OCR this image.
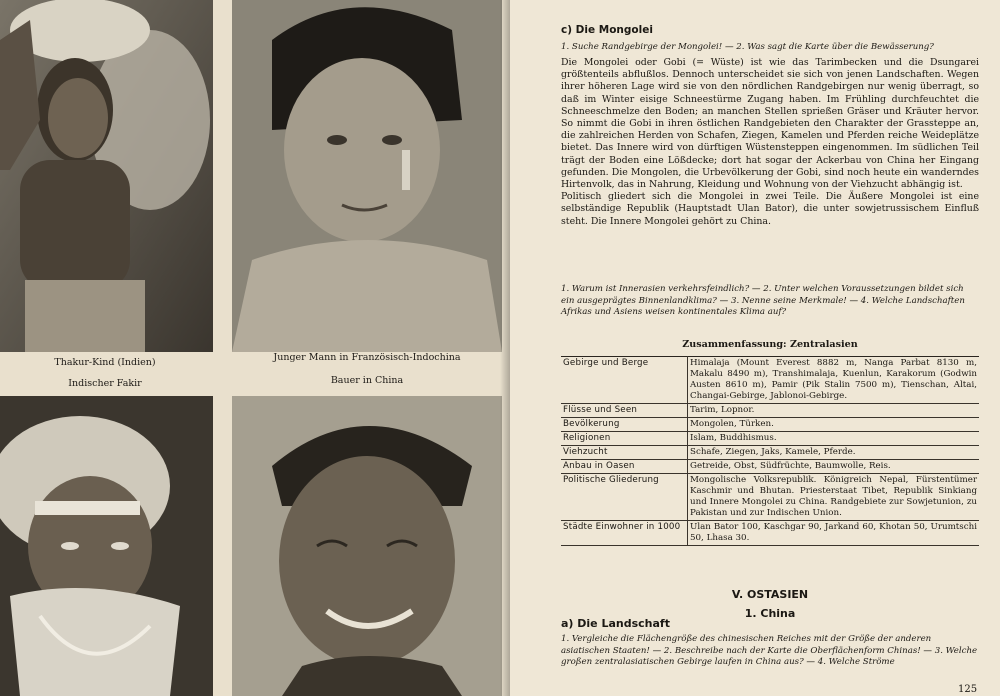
Thakur-Kind (Indien)	Junger Mann in Französisch-Indochina
Indischer Fakir	Bauer in China
c) Die Mongolei
1. Suche Randgebirge der Mongolei! — 2. Was sagt die Karte über die Bewässerung?

Die Mongolei oder Gobi (= Wüste) ist wie das Tarimbecken und die Dsungarei größtenteils abflußlos. Dennoch unterscheidet sie sich von jenen Landschaften. Wegen ihrer höheren Lage wird sie von den nördlichen Randgebirgen nur wenig überragt, so daß im Winter eisige Schneestürme Zugang haben. Im Frühling durchfeuchtet die Schneeschmelze den Boden; an manchen Stellen sprießen Gräser und Kräuter hervor. So nimmt die Gobi in ihren östlichen Randgebieten den Charakter der Grassteppe an, die zahlreichen Herden von Schafen, Ziegen, Kamelen und Pferden reiche Weideplätze bietet. Das Innere wird von dürftigen Wüstensteppen eingenommen. Im südlichen Teil trägt der Boden eine Lößdecke; dort hat sogar der Ackerbau von China her Eingang gefunden. Die Mongolen, die Urbevölkerung der Gobi, sind noch heute ein wanderndes Hirtenvolk, das in Nahrung, Kleidung und Wohnung von der Viehzucht abhängig ist.

Politisch gliedert sich die Mongolei in zwei Teile. Die Äußere Mongolei ist eine selbständige Republik (Hauptstadt Ulan Bator), die unter sowjetrussischem Einfluß steht. Die Innere Mongolei gehört zu China.

1. Warum ist Innerasien verkehrsfeindlich? — 2. Unter welchen Voraussetzungen bildet sich ein ausgeprägtes Binnenlandklima? — 3. Nenne seine Merkmale! — 4. Welche Landschaften Afrikas und Asiens weisen kontinentales Klima auf?
Zusammenfassung: Zentralasien
Gebirge und Berge	Himalaja (Mount Everest 8882 m, Nanga Parbat 8130 m, Makalu 8490 m), Transhimalaja, Kuenlun, Karakorum (Godwin Austen 8610 m), Pamir (Pik Stalin 7500 m), Tienschan, Altai, Changai-Gebirge, Jablonoi-Gebirge.
Flüsse und Seen	Tarim, Lopnor.
Bevölkerung	Mongolen, Türken.
Religionen	Islam, Buddhismus.
Viehzucht	Schafe, Ziegen, Jaks, Kamele, Pferde.
Anbau in Oasen	Getreide, Obst, Südfrüchte, Baumwolle, Reis.
Politische Gliederung	Mongolische Volksrepublik. Königreich Nepal, Fürstentümer Kaschmir und Bhutan. Priesterstaat Tibet, Republik Sinkiang und Innere Mongolei zu China. Randgebiete zur Sowjetunion, zu Pakistan und zur Indischen Union.
Städte Einwohner in 1000	Ulan Bator 100, Kaschgar 90, Jarkand 60, Khotan 50, Urumtschi 50, Lhasa 30.
V. OSTASIEN
1. China
a) Die Landschaft
1. Vergleiche die Flächengröße des chinesischen Reiches mit der Größe der anderen asiatischen Staaten! — 2. Beschreibe nach der Karte die Oberflächenform Chinas! — 3. Welche großen zentralasiatischen Gebirge laufen in China aus? — 4. Welche Ströme
125
